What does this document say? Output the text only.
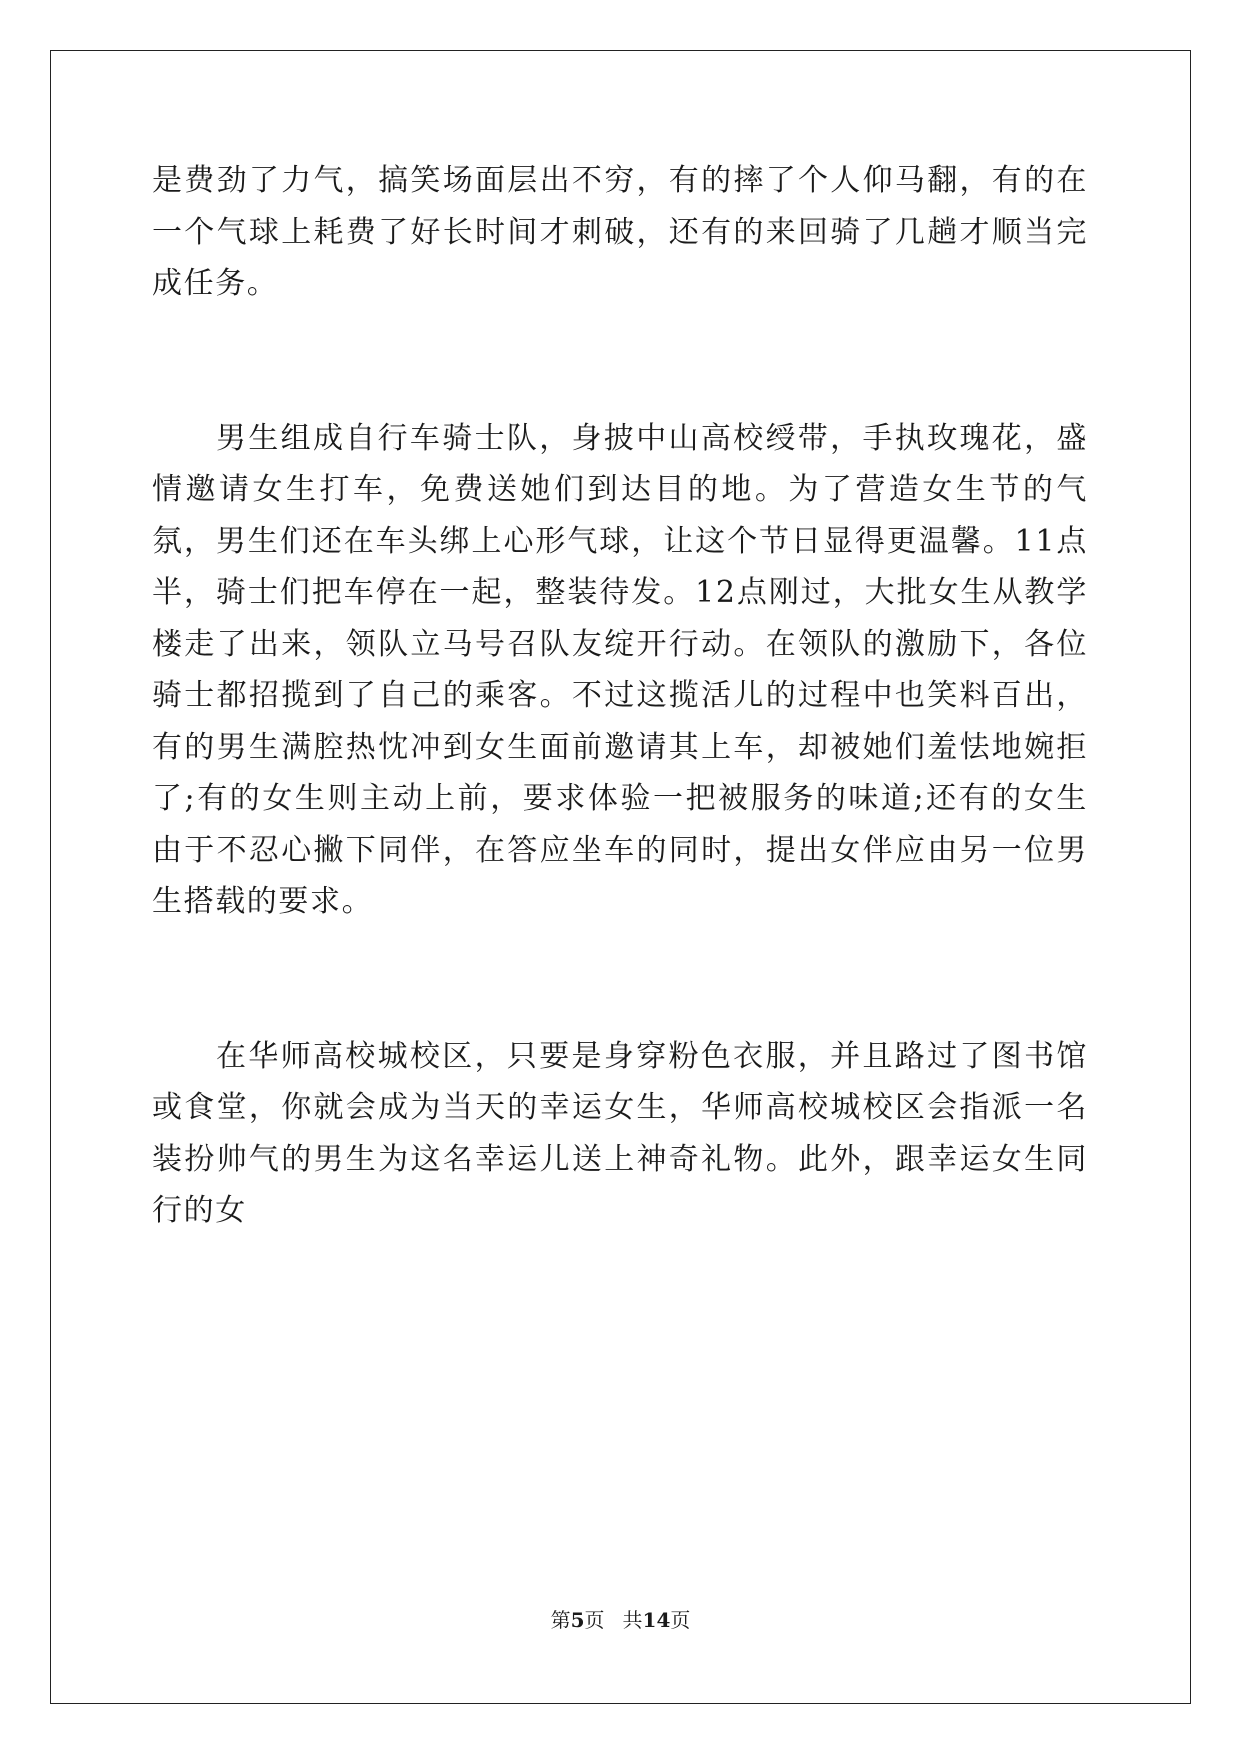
是费劲了力气，搞笑场面层出不穷，有的摔了个人仰马翻，有的在一个气球上耗费了好长时间才刺破，还有的来回骑了几趟才顺当完成任务。

男生组成自行车骑士队，身披中山高校绶带，手执玫瑰花，盛情邀请女生打车，免费送她们到达目的地。为了营造女生节的气氛，男生们还在车头绑上心形气球，让这个节日显得更温馨。11点半，骑士们把车停在一起，整装待发。12点刚过，大批女生从教学楼走了出来，领队立马号召队友绽开行动。在领队的激励下，各位骑士都招揽到了自己的乘客。不过这揽活儿的过程中也笑料百出，有的男生满腔热忱冲到女生面前邀请其上车，却被她们羞怯地婉拒了;有的女生则主动上前，要求体验一把被服务的味道;还有的女生由于不忍心撇下同伴，在答应坐车的同时，提出女伴应由另一位男生搭载的要求。

在华师高校城校区，只要是身穿粉色衣服，并且路过了图书馆或食堂，你就会成为当天的幸运女生，华师高校城校区会指派一名装扮帅气的男生为这名幸运儿送上神奇礼物。此外，跟幸运女生同行的女

第5页 共14页
